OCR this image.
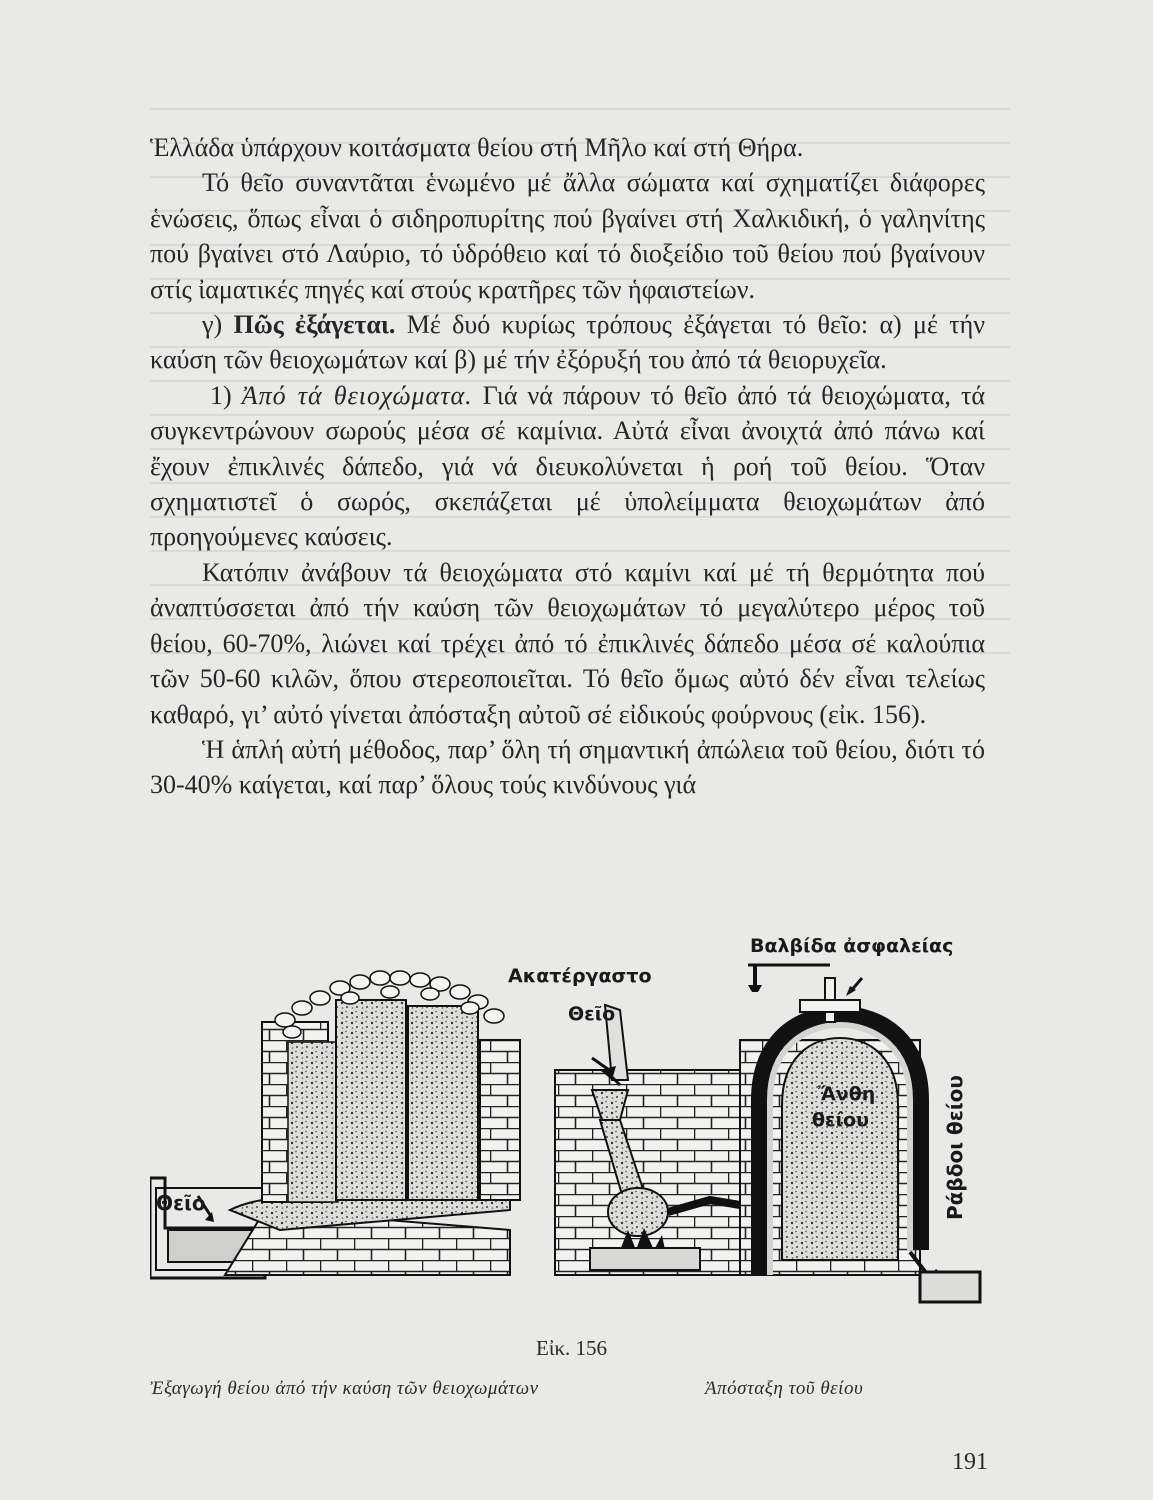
Ἑλλάδα ὑπάρχουν κοιτάσματα θείου στή Μῆλο καί στή Θήρα.

Τό θεῖο συναντᾶται ἑνωμένο μέ ἄλλα σώματα καί σχηματίζει διάφορες ἑνώσεις, ὅπως εἶναι ὁ σιδηροπυρίτης πού βγαίνει στή Χαλκιδική, ὁ γαληνίτης πού βγαίνει στό Λαύριο, τό ὑδρόθειο καί τό διοξείδιο τοῦ θείου πού βγαίνουν στίς ἰαματικές πηγές καί στούς κρατῆρες τῶν ἡφαιστείων.

γ) Πῶς ἐξάγεται. Μέ δυό κυρίως τρόπους ἐξάγεται τό θεῖο: α) μέ τήν καύση τῶν θειοχωμάτων καί β) μέ τήν ἐξόρυξή του ἀπό τά θειορυχεῖα.

1) Ἀπό τά θειοχώματα. Γιά νά πάρουν τό θεῖο ἀπό τά θειοχώματα, τά συγκεντρώνουν σωρούς μέσα σέ καμίνια. Αὐτά εἶναι ἀνοιχτά ἀπό πάνω καί ἔχουν ἐπικλινές δάπεδο, γιά νά διευκολύνεται ἡ ροή τοῦ θείου. Ὅταν σχηματιστεῖ ὁ σωρός, σκεπάζεται μέ ὑπολείμματα θειοχωμάτων ἀπό προηγούμενες καύσεις.

Κατόπιν ἀνάβουν τά θειοχώματα στό καμίνι καί μέ τή θερμότητα πού ἀναπτύσσεται ἀπό τήν καύση τῶν θειοχωμάτων τό μεγαλύτερο μέρος τοῦ θείου, 60-70%, λιώνει καί τρέχει ἀπό τό ἐπικλινές δάπεδο μέσα σέ καλούπια τῶν 50-60 κιλῶν, ὅπου στερεοποιεῖται. Τό θεῖο ὅμως αὐτό δέν εἶναι τελείως καθαρό, γι’ αὐτό γίνεται ἀπόσταξη αὐτοῦ σέ εἰδικούς φούρνους (εἰκ. 156).

Ἡ ἁπλή αὐτή μέθοδος, παρ’ ὅλη τή σημαντική ἀπώλεια τοῦ θείου, διότι τό 30-40% καίγεται, καί παρ’ ὅλους τούς κινδύνους γιά

Θεῖο
Βαλβίδα ἀσφαλείας
Ακατέργαστο
Θεῖο
Ἄνθη
θείου	Ράβδοι θείου
Εἰκ. 156
Ἐξαγωγή θείου ἀπό τήν καύση τῶν θειοχωμάτων	Ἀπόσταξη τοῦ θείου
191
